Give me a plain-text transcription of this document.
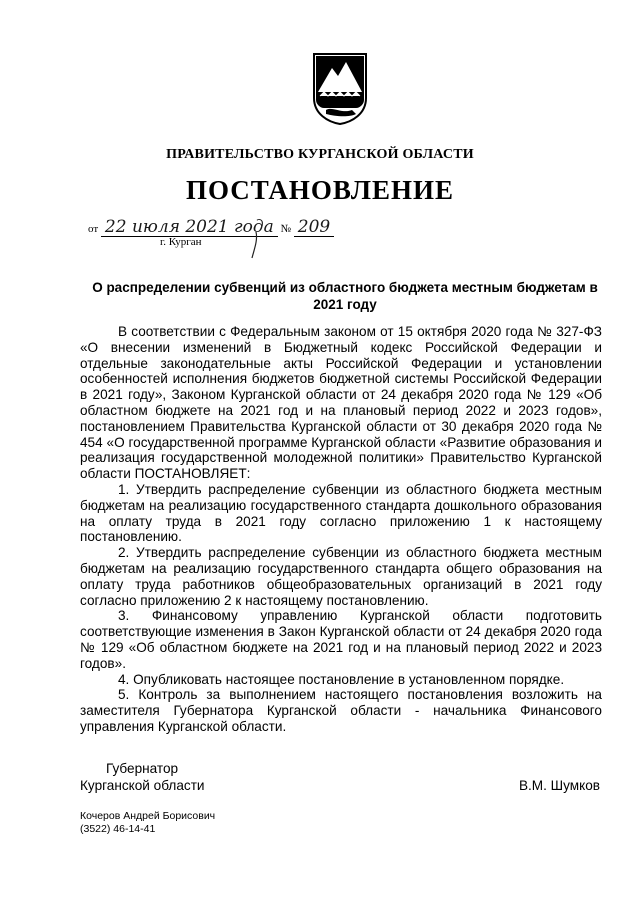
ПРАВИТЕЛЬСТВО КУРГАНСКОЙ ОБЛАСТИ
ПОСТАНОВЛЕНИЕ
от 22 июля 2021 года № 209
г. Курган
О распределении субвенций из областного бюджета местным бюджетам в 2021 году

В соответствии с Федеральным законом от 15 октября 2020 года № 327-ФЗ «О внесении изменений в Бюджетный кодекс Российской Федерации и отдельные законодательные акты Российской Федерации и установлении особенностей исполнения бюджетов бюджетной системы Российской Федерации в 2021 году», Законом Курганской области от 24 декабря 2020 года № 129 «Об областном бюджете на 2021 год и на плановый период 2022 и 2023 годов», постановлением Правительства Курганской области от 30 декабря 2020 года № 454 «О государственной программе Курганской области «Развитие образования и реализация государственной молодежной политики» Правительство Курганской области ПОСТАНОВЛЯЕТ:

1. Утвердить распределение субвенции из областного бюджета местным бюджетам на реализацию государственного стандарта дошкольного образования на оплату труда в 2021 году согласно приложению 1 к настоящему постановлению.

2. Утвердить распределение субвенции из областного бюджета местным бюджетам на реализацию государственного стандарта общего образования на оплату труда работников общеобразовательных организаций в 2021 году согласно приложению 2 к настоящему постановлению.

3. Финансовому управлению Курганской области подготовить соответствующие изменения в Закон Курганской области от 24 декабря 2020 года № 129 «Об областном бюджете на 2021 год и на плановый период 2022 и 2023 годов».

4. Опубликовать настоящее постановление в установленном порядке.

5. Контроль за выполнением настоящего постановления возложить на заместителя Губернатора Курганской области - начальника Финансового управления Курганской области.

Губернатор
Курганской области	В.М. Шумков
Кочеров Андрей Борисович
(3522) 46-14-41
